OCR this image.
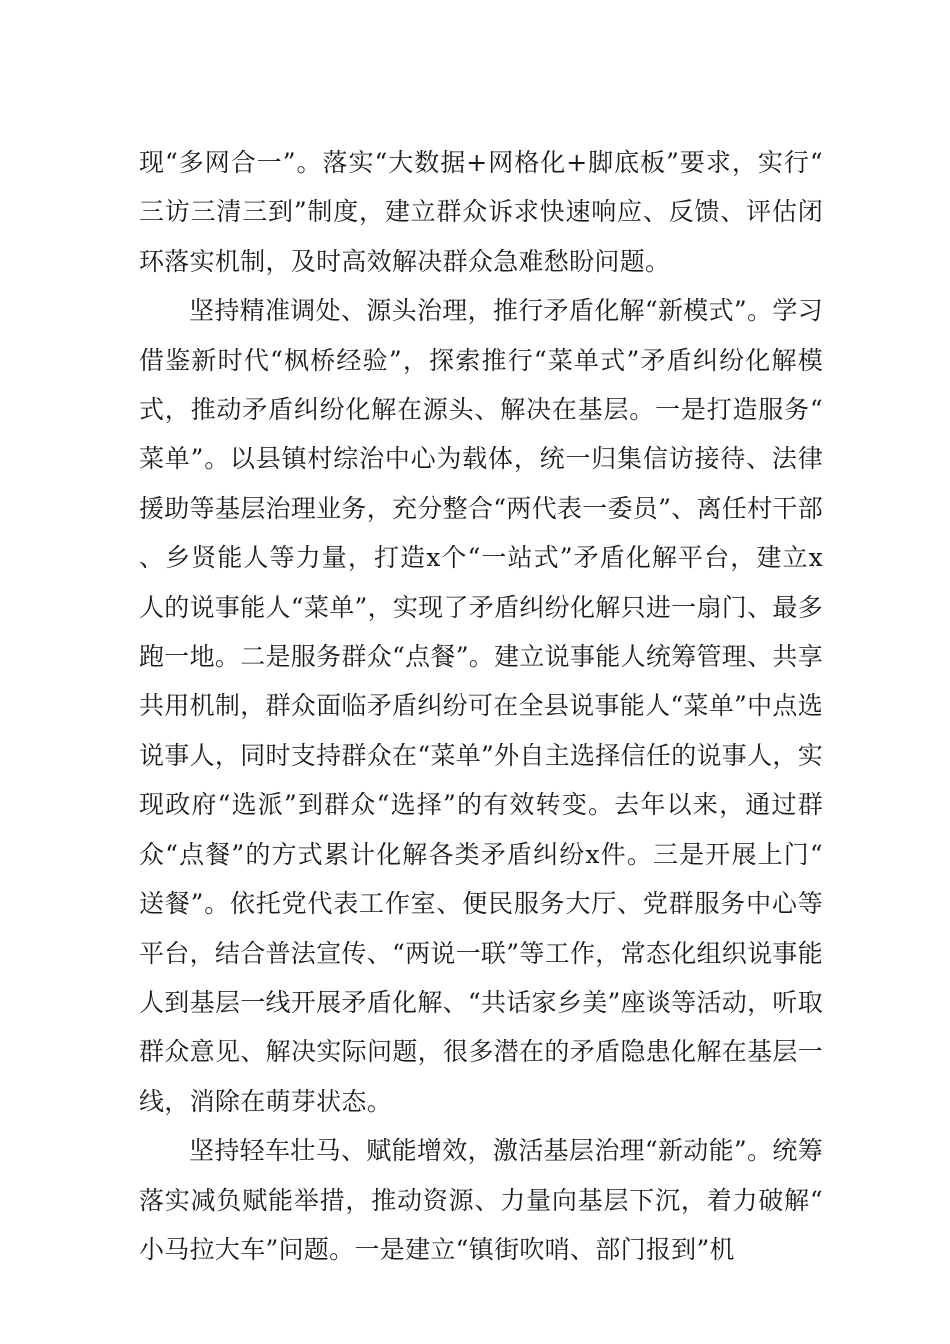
现“多网合一”。落实“大数据+网格化+脚底板”要求，实行“三访三清三到”制度，建立群众诉求快速响应、反馈、评估闭环落实机制，及时高效解决群众急难愁盼问题。

坚持精准调处、源头治理，推行矛盾化解“新模式”。学习借鉴新时代“枫桥经验”，探索推行“菜单式”矛盾纠纷化解模式，推动矛盾纠纷化解在源头、解决在基层。一是打造服务“菜单”。以县镇村综治中心为载体，统一归集信访接待、法律援助等基层治理业务，充分整合“两代表一委员”、离任村干部、乡贤能人等力量，打造x个“一站式”矛盾化解平台，建立x人的说事能人“菜单”，实现了矛盾纠纷化解只进一扇门、最多跑一地。二是服务群众“点餐”。建立说事能人统筹管理、共享共用机制，群众面临矛盾纠纷可在全县说事能人“菜单”中点选说事人，同时支持群众在“菜单”外自主选择信任的说事人，实现政府“选派”到群众“选择”的有效转变。去年以来，通过群众“点餐”的方式累计化解各类矛盾纠纷x件。三是开展上门“送餐”。依托党代表工作室、便民服务大厅、党群服务中心等平台，结合普法宣传、“两说一联”等工作，常态化组织说事能人到基层一线开展矛盾化解、“共话家乡美”座谈等活动，听取群众意见、解决实际问题，很多潜在的矛盾隐患化解在基层一线，消除在萌芽状态。

坚持轻车壮马、赋能增效，激活基层治理“新动能”。统筹落实减负赋能举措，推动资源、力量向基层下沉，着力破解“小马拉大车”问题。一是建立“镇街吹哨、部门报到”机
